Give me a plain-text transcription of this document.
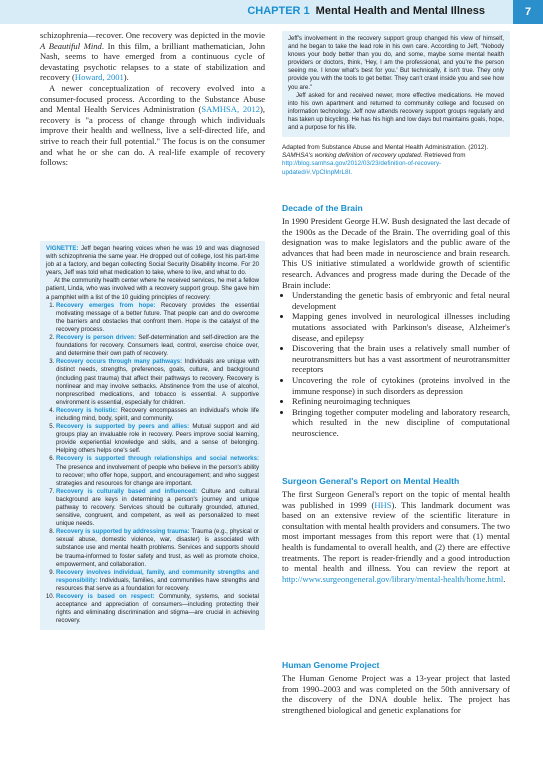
CHAPTER 1 Mental Health and Mental Illness	7

schizophrenia—recover. One recovery was depicted in the movie A Beautiful Mind. In this film, a brilliant mathematician, John Nash, seems to have emerged from a continuous cycle of devastating psychotic relapses to a state of stabilization and recovery (Howard, 2001).

A newer conceptualization of recovery evolved into a consumer-focused process. According to the Substance Abuse and Mental Health Services Administration (SAMHSA, 2012), recovery is "a process of change through which individuals improve their health and wellness, live a self-directed life, and strive to reach their full potential." The focus is on the consumer and what he or she can do. A real-life example of recovery follows:

VIGNETTE: Jeff began hearing voices when he was 19 and was diagnosed with schizophrenia the same year. He dropped out of college, lost his part-time job at a factory, and began collecting Social Security Disability Income. For 20 years, Jeff was told what medication to take, where to live, and what to do.

At the community health center where he received services, he met a fellow patient, Linda, who was involved with a recovery support group. She gave him a pamphlet with a list of the 10 guiding principles of recovery:

1. Recovery emerges from hope: Recovery provides the essential motivating message of a better future. That people can and do overcome the barriers and obstacles that confront them. Hope is the catalyst of the recovery process.
2. Recovery is person driven: Self-determination and self-direction are the foundations for recovery. Consumers lead, control, exercise choice over, and determine their own path of recovery.
3. Recovery occurs through many pathways: Individuals are unique with distinct needs, strengths, preferences, goals, culture, and background (including past trauma) that affect their pathways to recovery. Recovery is nonlinear and may involve setbacks. Abstinence from the use of alcohol, nonprescribed medications, and tobacco is essential. A supportive environment is essential, especially for children.
4. Recovery is holistic: Recovery encompasses an individual's whole life including mind, body, spirit, and community.
5. Recovery is supported by peers and allies: Mutual support and aid groups play an invaluable role in recovery. Peers improve social learning, provide experiential knowledge and skills, and a sense of belonging. Helping others helps one's self.
6. Recovery is supported through relationships and social networks: The presence and involvement of people who believe in the person's ability to recover; who offer hope, support, and encouragement; and who suggest strategies and resources for change are important.
7. Recovery is culturally based and influenced: Culture and cultural background are keys in determining a person's journey and unique pathway to recovery. Services should be culturally grounded, attuned, sensitive, congruent, and competent, as well as personalized to meet unique needs.
8. Recovery is supported by addressing trauma: Trauma (e.g., physical or sexual abuse, domestic violence, war, disaster) is associated with substance use and mental health problems. Services and supports should be trauma-informed to foster safety and trust, as well as promote choice, empowerment, and collaboration.
9. Recovery involves individual, family, and community strengths and responsibility: Individuals, families, and communities have strengths and resources that serve as a foundation for recovery.
10. Recovery is based on respect: Community, systems, and societal acceptance and appreciation of consumers—including protecting their rights and eliminating discrimination and stigma—are crucial in achieving recovery.

Jeff's involvement in the recovery support group changed his view of himself, and he began to take the lead role in his own care. According to Jeff, "Nobody knows your body better than you do, and some, maybe some mental health providers or doctors, think, 'Hey, I am the professional, and you're the person seeing me. I know what's best for you.' But technically, it isn't true. They only provide you with the tools to get better. They can't crawl inside you and see how you are."

Jeff asked for and received newer, more effective medications. He moved into his own apartment and returned to community college and focused on information technology. Jeff now attends recovery support groups regularly and has taken up bicycling. He has his high and low days but maintains goals, hope, and a purpose for his life.

Adapted from Substance Abuse and Mental Health Administration. (2012). SAMHSA's working definition of recovery updated. Retrieved from http://blog.samhsa.gov/2012/03/23/definition-of-recovery-updated/#.VpClInpMrL8I.

Decade of the Brain

In 1990 President George H.W. Bush designated the last decade of the 1900s as the Decade of the Brain. The overriding goal of this designation was to make legislators and the public aware of the advances that had been made in neuroscience and brain research. This US initiative stimulated a worldwide growth of scientific research. Advances and progress made during the Decade of the Brain include:

• Understanding the genetic basis of embryonic and fetal neural development
• Mapping genes involved in neurological illnesses including mutations associated with Parkinson's disease, Alzheimer's disease, and epilepsy
• Discovering that the brain uses a relatively small number of neurotransmitters but has a vast assortment of neurotransmitter receptors
• Uncovering the role of cytokines (proteins involved in the immune response) in such disorders as depression
• Refining neuroimaging techniques
• Bringing together computer modeling and laboratory research, which resulted in the new discipline of computational neuroscience.

Surgeon General's Report on Mental Health

The first Surgeon General's report on the topic of mental health was published in 1999 (HHS). This landmark document was based on an extensive review of the scientific literature in consultation with mental health providers and consumers. The two most important messages from this report were that (1) mental health is fundamental to overall health, and (2) there are effective treatments. The report is reader-friendly and a good introduction to mental health and illness. You can review the report at http://www.surgeongeneral.gov/library/mental-health/home.html.

Human Genome Project

The Human Genome Project was a 13-year project that lasted from 1990–2003 and was completed on the 50th anniversary of the discovery of the DNA double helix. The project has strengthened biological and genetic explanations for
